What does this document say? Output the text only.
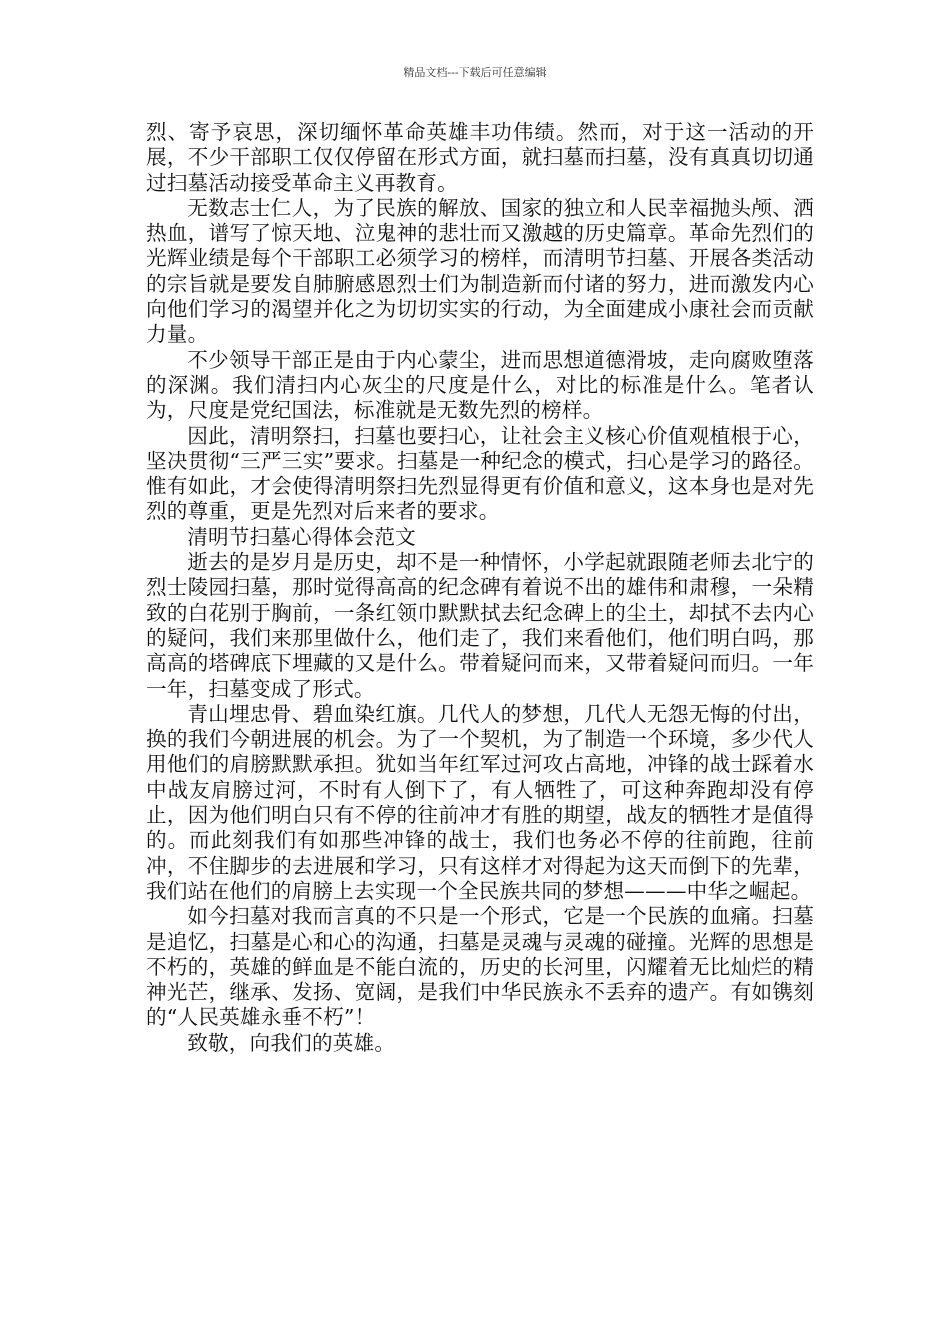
精品文档---下载后可任意编辑

烈、寄予哀思，深切缅怀革命英雄丰功伟绩。然而，对于这一活动的开展，不少干部职工仅仅停留在形式方面，就扫墓而扫墓，没有真真切切通过扫墓活动接受革命主义再教育。

无数志士仁人，为了民族的解放、国家的独立和人民幸福抛头颅、洒热血，谱写了惊天地、泣鬼神的悲壮而又激越的历史篇章。革命先烈们的光辉业绩是每个干部职工必须学习的榜样，而清明节扫墓、开展各类活动的宗旨就是要发自肺腑感恩烈士们为制造新而付诸的努力，进而激发内心向他们学习的渴望并化之为切切实实的行动，为全面建成小康社会而贡献力量。

不少领导干部正是由于内心蒙尘，进而思想道德滑坡，走向腐败堕落的深渊。我们清扫内心灰尘的尺度是什么，对比的标准是什么。笔者认为，尺度是党纪国法，标准就是无数先烈的榜样。

因此，清明祭扫，扫墓也要扫心，让社会主义核心价值观植根于心，坚决贯彻“三严三实”要求。扫墓是一种纪念的模式，扫心是学习的路径。惟有如此，才会使得清明祭扫先烈显得更有价值和意义，这本身也是对先烈的尊重，更是先烈对后来者的要求。

清明节扫墓心得体会范文

逝去的是岁月是历史，却不是一种情怀，小学起就跟随老师去北宁的烈士陵园扫墓，那时觉得高高的纪念碑有着说不出的雄伟和肃穆，一朵精致的白花别于胸前，一条红领巾默默拭去纪念碑上的尘土，却拭不去内心的疑问，我们来那里做什么，他们走了，我们来看他们，他们明白吗，那高高的塔碑底下埋藏的又是什么。带着疑问而来，又带着疑问而归。一年一年，扫墓变成了形式。

青山埋忠骨、碧血染红旗。几代人的梦想，几代人无怨无悔的付出，换的我们今朝进展的机会。为了一个契机，为了制造一个环境，多少代人用他们的肩膀默默承担。犹如当年红军过河攻占高地，冲锋的战士踩着水中战友肩膀过河，不时有人倒下了，有人牺牲了，可这种奔跑却没有停止，因为他们明白只有不停的往前冲才有胜的期望，战友的牺牲才是值得的。而此刻我们有如那些冲锋的战士，我们也务必不停的往前跑，往前冲，不住脚步的去进展和学习，只有这样才对得起为这天而倒下的先辈，我们站在他们的肩膀上去实现一个全民族共同的梦想———中华之崛起。

如今扫墓对我而言真的不只是一个形式，它是一个民族的血痛。扫墓是追忆，扫墓是心和心的沟通，扫墓是灵魂与灵魂的碰撞。光辉的思想是不朽的，英雄的鲜血是不能白流的，历史的长河里，闪耀着无比灿烂的精神光芒，继承、发扬、宽阔，是我们中华民族永不丢弃的遗产。有如镌刻的“人民英雄永垂不朽”！

致敬，向我们的英雄。
